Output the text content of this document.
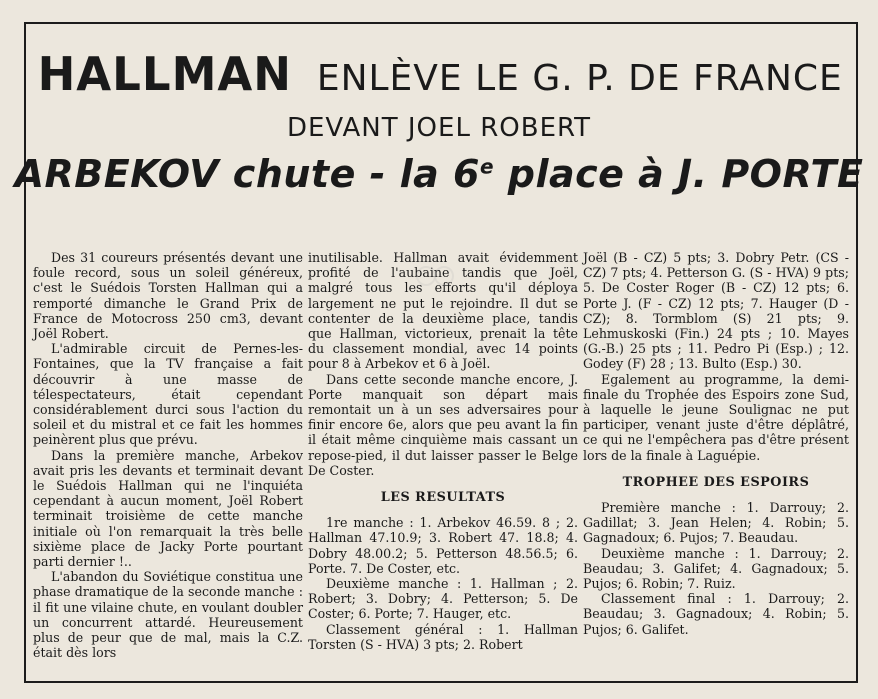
HALLMAN ENLÈVE LE G. P. DE FRANCE
DEVANT JOEL ROBERT
ARBEKOV chute - la 6e place à J. PORTE

Des 31 coureurs présentés devant une foule record, sous un soleil généreux, c'est le Suédois Torsten Hallman qui a remporté dimanche le Grand Prix de France de Motocross 250 cm3, devant Joël Robert.

L'admirable circuit de Pernes-les-Fontaines, que la TV française a fait découvrir à une masse de télespectateurs, était cependant considérablement durci sous l'action du soleil et du mistral et ce fait les hommes peinèrent plus que prévu.

Dans la première manche, Arbekov avait pris les devants et terminait devant le Suédois Hallman qui ne l'inquiéta cependant à aucun moment, Joël Robert terminait troisième de cette manche initiale où l'on remarquait la très belle sixième place de Jacky Porte pourtant parti dernier !..

L'abandon du Soviétique constitua une phase dramatique de la seconde manche : il fit une vilaine chute, en voulant doubler un concurrent attardé. Heureusement plus de peur que de mal, mais la C.Z. était dès lors

inutilisable. Hallman avait évidemment profité de l'aubaine tandis que Joël, malgré tous les efforts qu'il déploya largement ne put le rejoindre. Il dut se contenter de la deuxième place, tandis que Hallman, victorieux, prenait la tête du classement mondial, avec 14 points pour 8 à Arbekov et 6 à Joël.

Dans cette seconde manche encore, J. Porte manquait son départ mais remontait un à un ses adversaires pour finir encore 6e, alors que peu avant la fin il était même cinquième mais cassant un repose-pied, il dut laisser passer le Belge De Coster.

LES RESULTATS

1re manche : 1. Arbekov 46.59. 8 ; 2. Hallman 47.10.9; 3. Robert 47. 18.8; 4. Dobry 48.00.2; 5. Petterson 48.56.5; 6. Porte. 7. De Coster, etc.

Deuxième manche : 1. Hallman ; 2. Robert; 3. Dobry; 4. Petterson; 5. De Coster; 6. Porte; 7. Hauger, etc.

Classement général : 1. Hallman Torsten (S - HVA) 3 pts; 2. Robert

Joël (B - CZ) 5 pts; 3. Dobry Petr. (CS - CZ) 7 pts; 4. Petterson G. (S - HVA) 9 pts; 5. De Coster Roger (B - CZ) 12 pts; 6. Porte J. (F - CZ) 12 pts; 7. Hauger (D - CZ); 8. Tormblom (S) 21 pts; 9. Lehmuskoski (Fin.) 24 pts ; 10. Mayes (G.-B.) 25 pts ; 11. Pedro Pi (Esp.) ; 12. Godey (F) 28 ; 13. Bulto (Esp.) 30.

Egalement au programme, la demi-finale du Trophée des Espoirs zone Sud, à laquelle le jeune Soulignac ne put participer, venant juste d'être déplâtré, ce qui ne l'empêchera pas d'être présent lors de la finale à Laguépie.

TROPHEE DES ESPOIRS

Première manche : 1. Darrouy; 2. Gadillat; 3. Jean Helen; 4. Robin; 5. Gagnadoux; 6. Pujos; 7. Beaudau.

Deuxième manche : 1. Darrouy; 2. Beaudau; 3. Galifet; 4. Gagnadoux; 5. Pujos; 6. Robin; 7. Ruiz.

Classement final : 1. Darrouy; 2. Beaudau; 3. Gagnadoux; 4. Robin; 5. Pujos; 6. Galifet.
